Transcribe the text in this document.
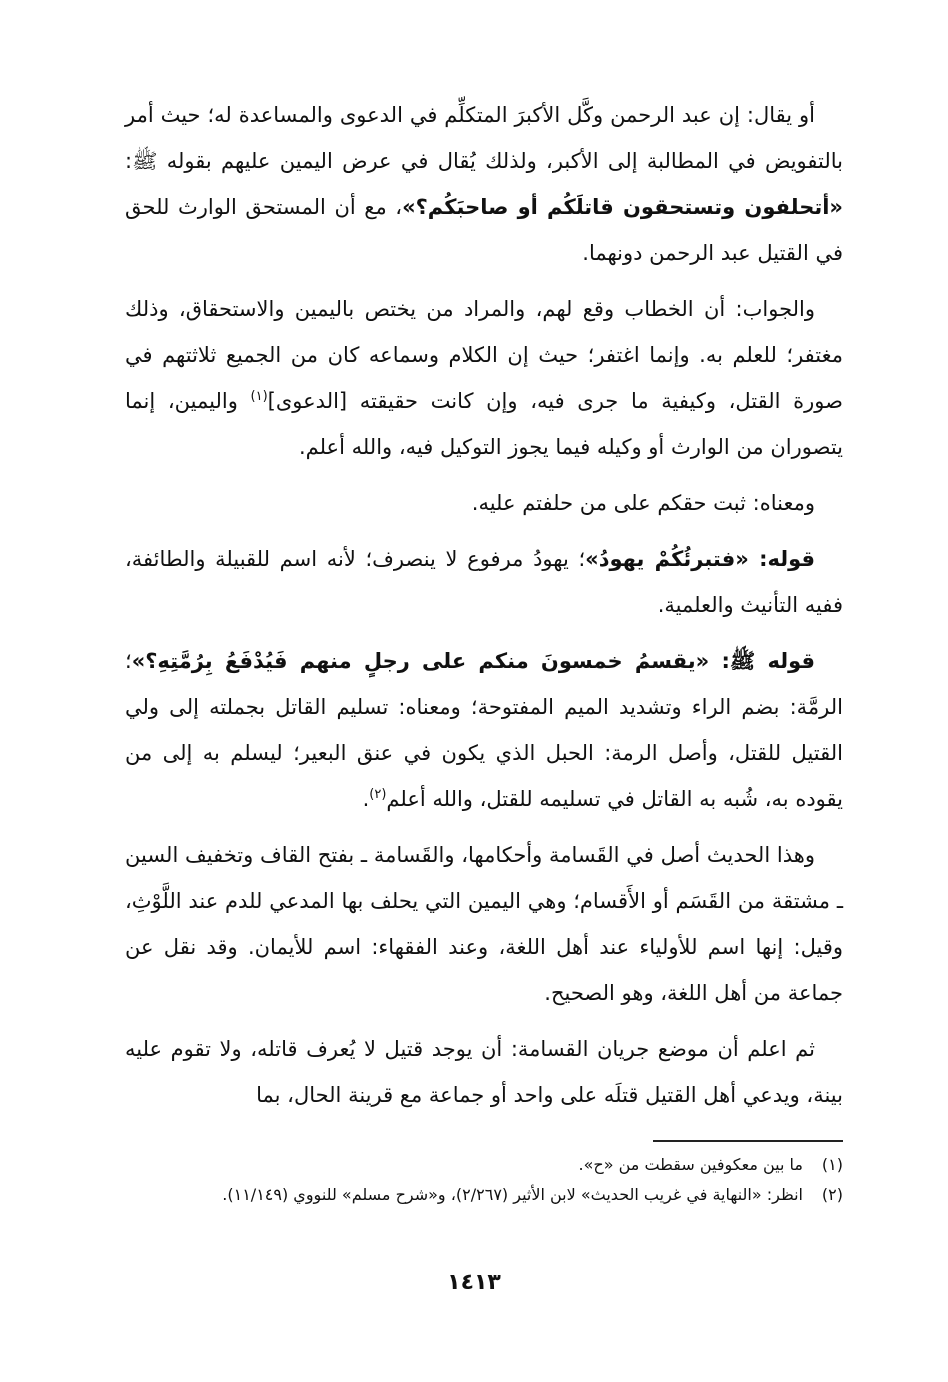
أو يقال: إن عبد الرحمن وكَّل الأكبرَ المتكلِّم في الدعوى والمساعدة له؛ حيث أمر بالتفويض في المطالبة إلى الأكبر، ولذلك يُقال في عرض اليمين عليهم بقوله ﷺ: «أتحلفون وتستحقون قاتلَكُم أو صاحبَكُم؟»، مع أن المستحق الوارث للحق في القتيل عبد الرحمن دونهما.

والجواب: أن الخطاب وقع لهم، والمراد من يختص باليمين والاستحقاق، وذلك مغتفر؛ للعلم به. وإنما اغتفر؛ حيث إن الكلام وسماعه كان من الجميع ثلاثتهم في صورة القتل، وكيفية ما جرى فيه، وإن كانت حقيقته [الدعوى]$^{(١)}$ واليمين، إنما يتصوران من الوارث أو وكيله فيما يجوز التوكيل فيه، والله أعلم.

ومعناه: ثبت حقكم على من حلفتم عليه.

قوله: «فتبرئُكُمْ يهودُ»؛ يهودُ مرفوع لا ينصرف؛ لأنه اسم للقبيلة والطائفة، ففيه التأنيث والعلمية.

قوله ﷺ: «يقسمُ خمسونَ منكم على رجلٍ منهم فَيُدْفَعُ بِرُمَّتِهِ؟»؛ الرمَّة: بضم الراء وتشديد الميم المفتوحة؛ ومعناه: تسليم القاتل بجملته إلى ولي القتيل للقتل، وأصل الرمة: الحبل الذي يكون في عنق البعير؛ ليسلم به إلى من يقوده به، شُبه به القاتل في تسليمه للقتل، والله أعلم$^{(٢)}$.

وهذا الحديث أصل في القَسامة وأحكامها، والقَسامة ـ بفتح القاف وتخفيف السين ـ مشتقة من القَسَم أو الأَقسام؛ وهي اليمين التي يحلف بها المدعي للدم عند اللَّوْثِ، وقيل: إنها اسم للأولياء عند أهل اللغة، وعند الفقهاء: اسم للأيمان. وقد نقل عن جماعة من أهل اللغة، وهو الصحيح.

ثم اعلم أن موضع جريان القسامة: أن يوجد قتيل لا يُعرف قاتله، ولا تقوم عليه بينة، ويدعي أهل القتيل قتلَه على واحد أو جماعة مع قرينة الحال، بما

(١)
ما بين معكوفين سقطت من «ح».
(٢)
انظر: «النهاية في غريب الحديث» لابن الأثير (٢/٢٦٧)، و«شرح مسلم» للنووي (١١/١٤٩).
١٤١٣
